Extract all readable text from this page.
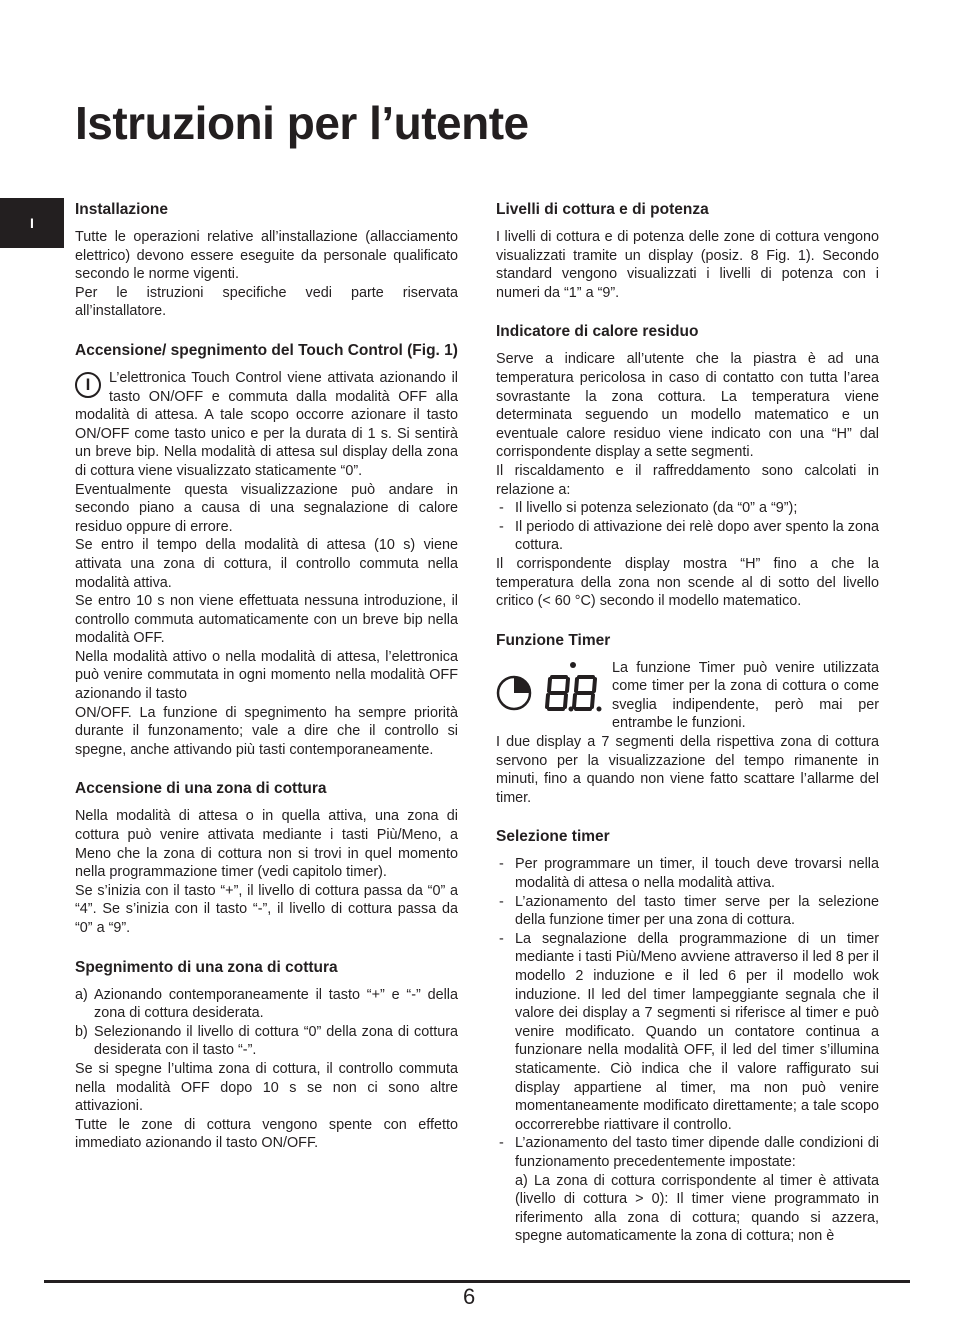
Istruzioni per l’utente
I
Installazione

Tutte le operazioni relative all’installazione (allacciamento elettrico) devono essere eseguite da personale qualificato secondo le norme vigenti.

Per le istruzioni specifiche vedi parte riservata all’installatore.

Accensione/ spegnimento del Touch Control (Fig. 1)

I	L’elettronica Touch Control viene attivata azionando il tasto ON/OFF e commuta dalla modalità OFF alla modalità di attesa. A tale scopo occorre azionare il tasto ON/OFF come tasto unico e per la durata di 1 s. Si sentirà un breve bip. Nella modalità di attesa sul display della zona di cottura viene visualizzato staticamente “0”.

Eventualmente questa visualizzazione può andare in secondo piano a causa di una segnalazione di calore residuo oppure di errore.

Se entro il tempo della modalità di attesa (10 s) viene attivata una zona di cottura, il controllo commuta nella modalità attiva.

Se entro 10 s non viene effettuata nessuna introduzione, il controllo commuta automaticamente con un breve bip nella modalità OFF.

Nella modalità attivo o nella modalità di attesa, l’elettronica può venire commutata in ogni momento nella modalità OFF azionando il tasto

ON/OFF. La funzione di spegnimento ha sempre priorità durante il funzonamento; vale a dire che il controllo si spegne, anche attivando più tasti contemporaneamente.

Accensione di una zona di cottura

Nella modalità di attesa o in quella attiva, una zona di cottura può venire attivata mediante i tasti Più/Meno, a Meno che la zona di cottura non si trovi in quel momento nella programmazione timer (vedi capitolo timer).

Se s’inizia con il tasto “+”, il livello di cottura passa da “0” a “4”. Se s’inizia con il tasto “-”, il livello di cottura passa da “0” a “9”.

Spegnimento di una zona di cottura
a) Azionando contemporaneamente il tasto “+” e “-” della zona di cottura desiderata.
b) Selezionando il livello di cottura “0” della zona di cottura desiderata con il tasto “-”.

Se si spegne l’ultima zona di cottura, il controllo commuta nella modalità OFF dopo 10 s se non ci sono altre attivazioni.

Tutte le zone di cottura vengono spente con effetto immediato azionando il tasto ON/OFF.

Livelli di cottura e di potenza

I livelli di cottura e di potenza delle zone di cottura vengono visualizzati tramite un display (posiz. 8 Fig. 1). Secondo standard vengono visualizzati i livelli di potenza con i numeri da “1” a “9”.

Indicatore di calore residuo

Serve a indicare all’utente che la piastra è ad una temperatura pericolosa in caso di contatto con tutta l’area sovrastante la zona cottura. La temperatura viene determinata seguendo un modello matematico e un eventuale calore residuo viene indicato con una “H” dal corrispondente display a sette segmenti.

Il riscaldamento e il raffreddamento sono calcolati in relazione a:

- Il livello si potenza selezionato (da “0” a “9”);
- Il periodo di attivazione dei relè dopo aver spento la zona cottura.

Il corrispondente display mostra “H” fino a che la temperatura della zona non scende al di sotto del livello critico (< 60 °C) secondo il modello matematico.

Funzione Timer

La funzione Timer può venire utilizzata come timer per la zona di cottura o come sveglia indipendente, però mai per entrambe le funzioni.

I due display a 7 segmenti della rispettiva zona di cottura servono per la visualizzazione del tempo rimanente in minuti, fino a quando non viene fatto scattare l’allarme del timer.

Selezione timer
- Per programmare un timer, il touch deve trovarsi nella modalità di attesa o nella modalità attiva.
- L’azionamento del tasto timer serve per la selezione della funzione timer per una zona di cottura.
- La segnalazione della programmazione di un timer mediante i tasti Più/Meno avviene attraverso il led 8 per il modello 2 induzione e il led 6 per il modello wok induzione. Il led del timer lampeggiante segnala che il valore dei display a 7 segmenti si riferisce al timer e può venire modificato. Quando un contatore continua a funzionare nella modalità OFF, il led del timer s’illumina staticamente. Ciò indica che il valore raffigurato sui display appartiene al timer, ma non può venire momentaneamente modificato direttamente; a tale scopo occorrerebbe riattivare il controllo.
- L’azionamento del tasto timer dipende dalle condizioni di funzionamento precedentemente impostate:
a) La zona di cottura corrispondente al timer è attivata (livello di cottura > 0): Il timer viene programmato in riferimento alla zona di cottura; quando si azzera, spegne automaticamente la zona di cottura; non è
6
